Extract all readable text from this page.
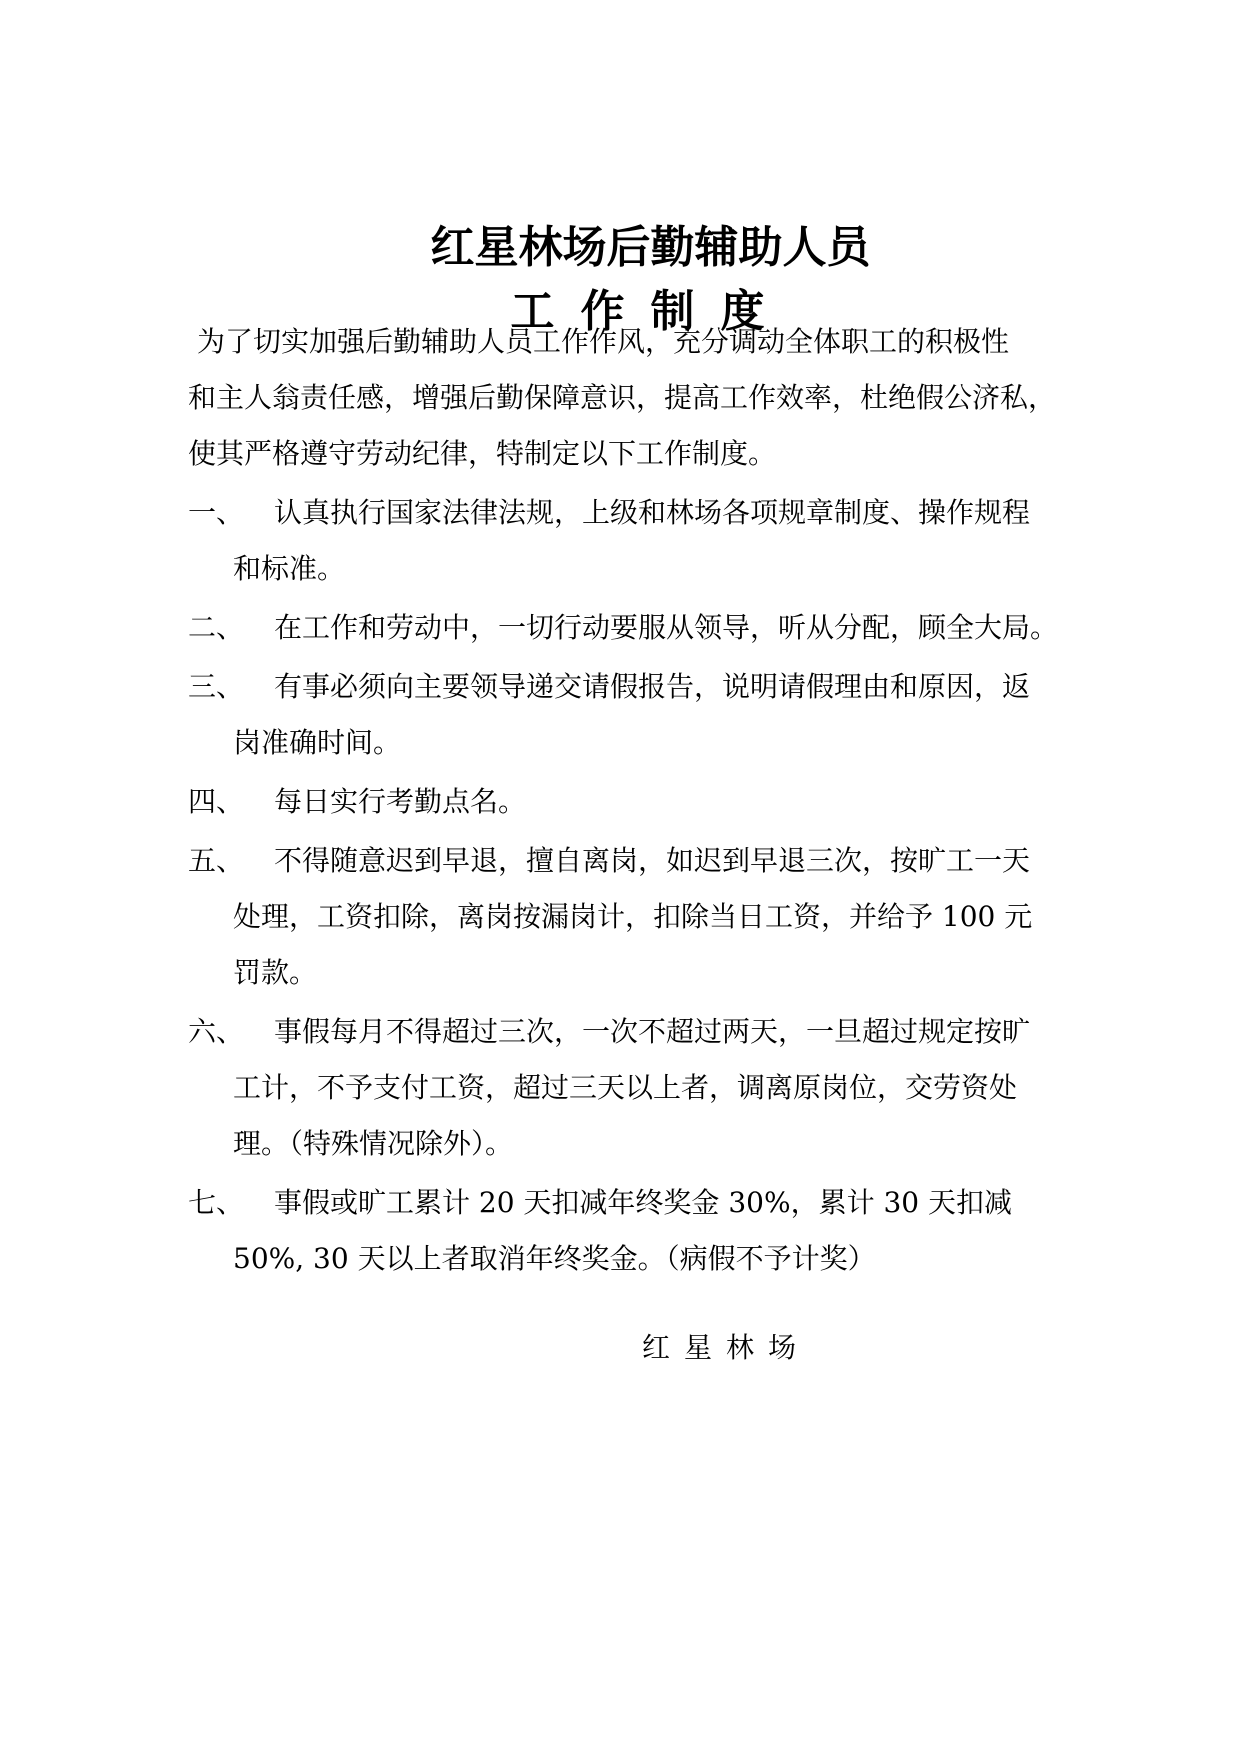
红星林场后勤辅助人员
工作制度
为了切实加强后勤辅助人员工作作风，充分调动全体职工的积极性
和主人翁责任感，增强后勤保障意识，提高工作效率，杜绝假公济私，
使其严格遵守劳动纪律，特制定以下工作制度。
一、 认真执行国家法律法规，上级和林场各项规章制度、操作规程
和标准。
二、 在工作和劳动中，一切行动要服从领导，听从分配，顾全大局。
三、 有事必须向主要领导递交请假报告，说明请假理由和原因，返
岗准确时间。
四、 每日实行考勤点名。
五、 不得随意迟到早退，擅自离岗，如迟到早退三次，按旷工一天
处理，工资扣除，离岗按漏岗计，扣除当日工资，并给予 100 元
罚款。
六、 事假每月不得超过三次，一次不超过两天，一旦超过规定按旷
工计，不予支付工资，超过三天以上者，调离原岗位，交劳资处
理。（特殊情况除外）。
七、 事假或旷工累计 20 天扣减年终奖金 30%，累计 30 天扣减
50%, 30 天以上者取消年终奖金。（病假不予计奖）
红星林场
